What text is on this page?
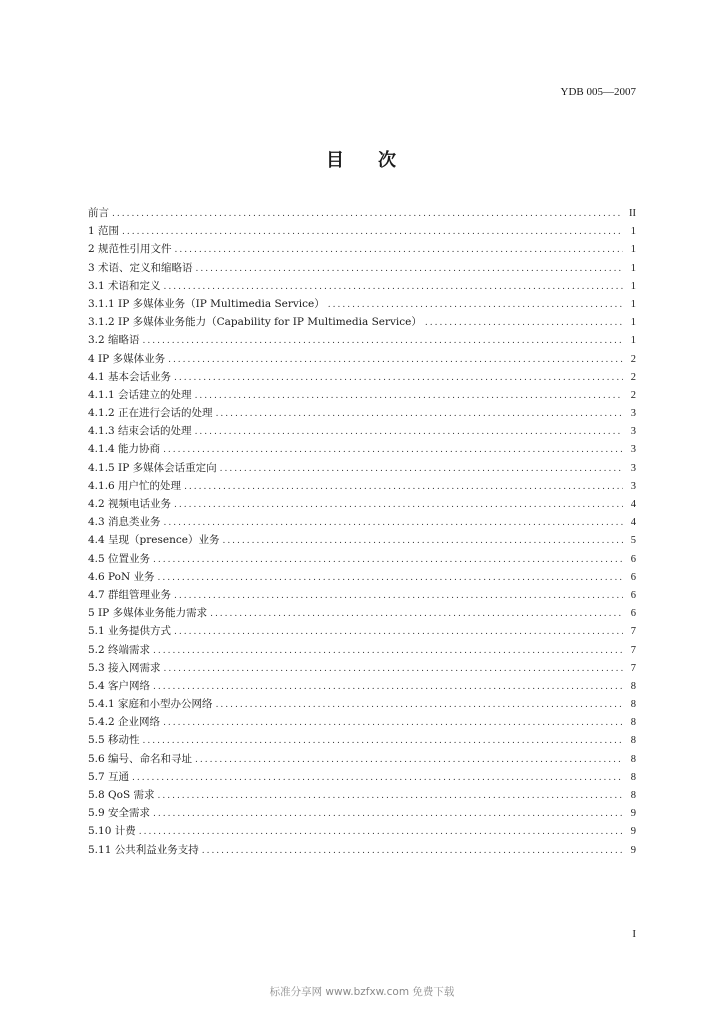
YDB 005—2007
目 次
前言 .....	II
1 范围 .....	1
2 规范性引用文件 .....	1
3 术语、定义和缩略语 .....	1
3.1 术语和定义 .....	1
3.1.1 IP 多媒体业务（IP Multimedia Service） .....	1
3.1.2 IP 多媒体业务能力（Capability for IP Multimedia Service） .....	1
3.2 缩略语 .....	1
4 IP 多媒体业务 .....	2
4.1 基本会话业务 .....	2
4.1.1 会话建立的处理 .....	2
4.1.2 正在进行会话的处理 .....	3
4.1.3 结束会话的处理 .....	3
4.1.4 能力协商 .....	3
4.1.5 IP 多媒体会话重定向 .....	3
4.1.6 用户忙的处理 .....	3
4.2 视频电话业务 .....	4
4.3 消息类业务 .....	4
4.4 呈现（presence）业务 .....	5
4.5 位置业务 .....	6
4.6 PoN 业务 .....	6
4.7 群组管理业务 .....	6
5 IP 多媒体业务能力需求 .....	6
5.1 业务提供方式 .....	7
5.2 终端需求 .....	7
5.3 接入网需求 .....	7
5.4 客户网络 .....	8
5.4.1 家庭和小型办公网络 .....	8
5.4.2 企业网络 .....	8
5.5 移动性 .....	8
5.6 编号、命名和寻址 .....	8
5.7 互通 .....	8
5.8 QoS 需求 .....	8
5.9 安全需求 .....	9
5.10 计费 .....	9
5.11 公共利益业务支持 .....	9
I
标准分享网 www.bzfxw.com 免费下载
